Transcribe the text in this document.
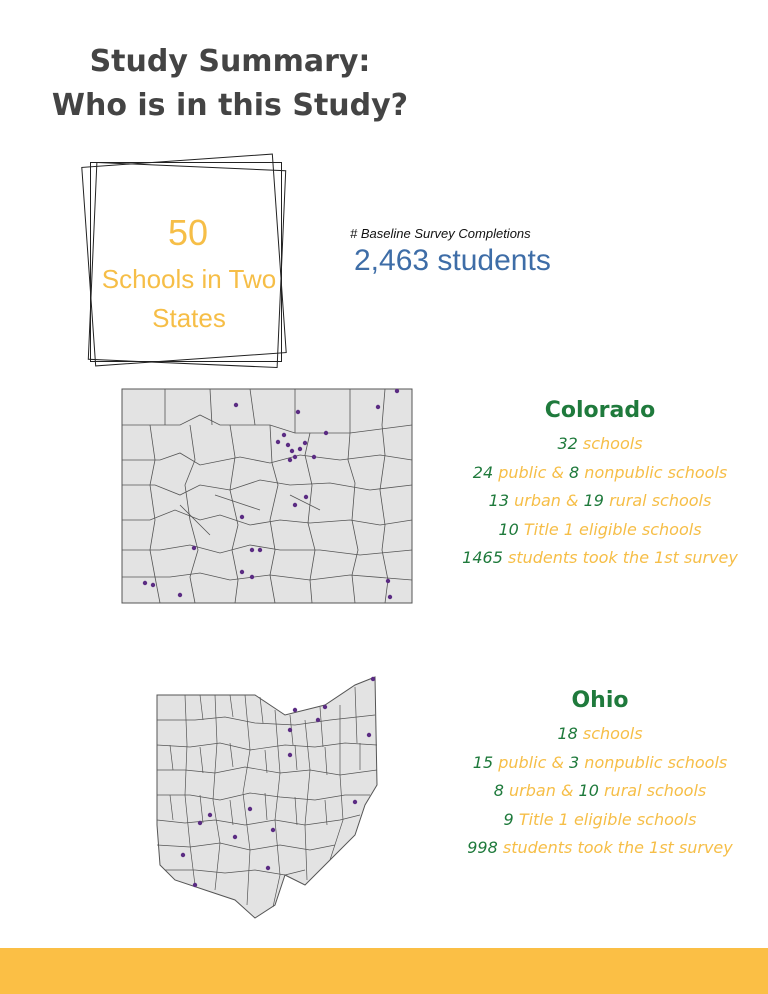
Study Summary:
Who is in this Study?
50
Schools in Two States
# Baseline Survey Completions
2,463 students
Colorado
32 schools
24 public & 8 nonpublic schools
13 urban & 19 rural schools
10 Title 1 eligible schools
1465 students took the 1st survey
Ohio
18 schools
15 public & 3 nonpublic schools
8 urban & 10 rural schools
9 Title 1 eligible schools
998 students took the 1st survey
